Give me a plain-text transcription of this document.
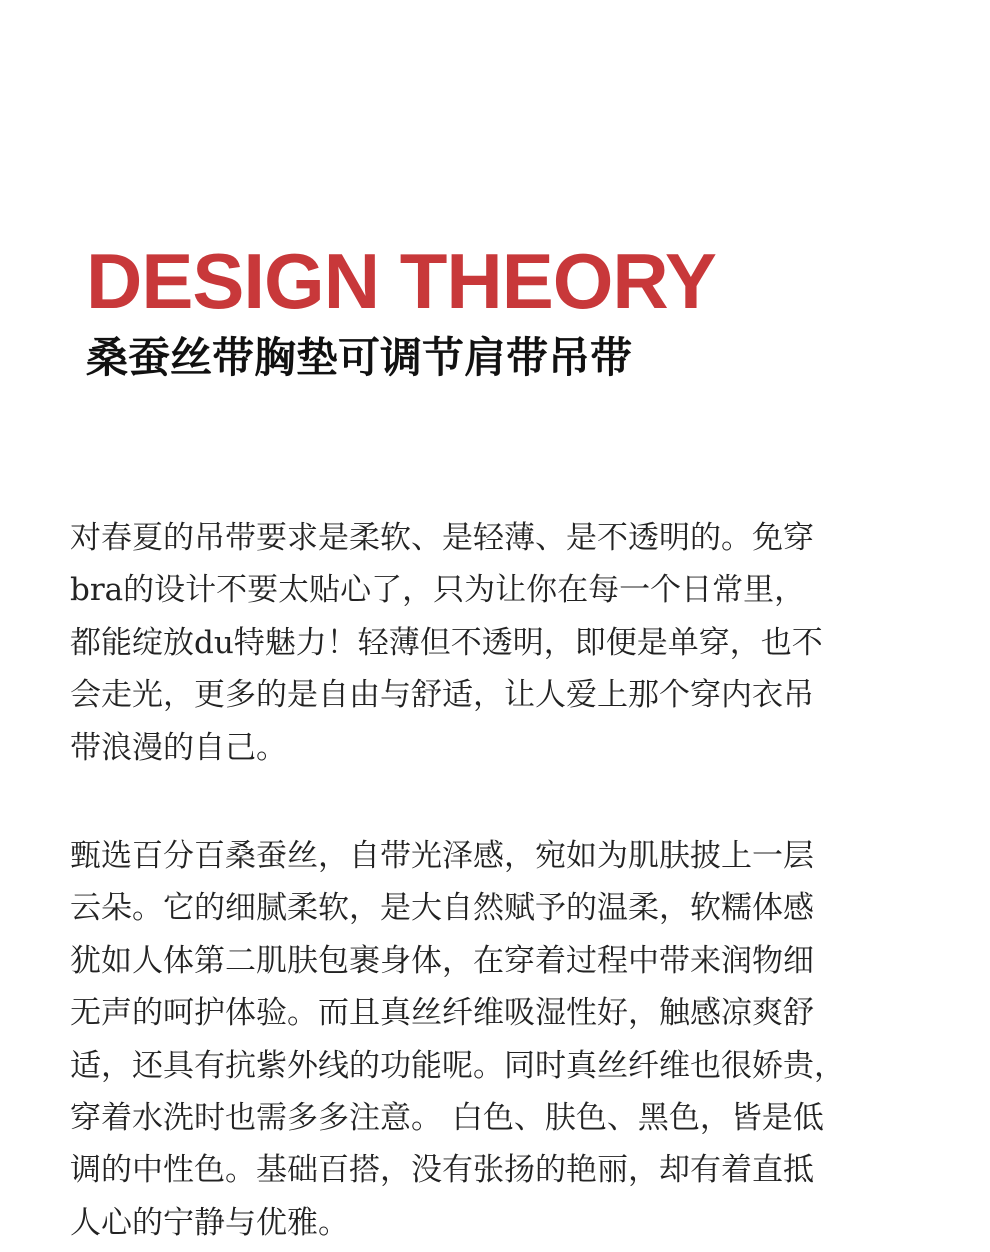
DESIGN THEORY
桑蚕丝带胸垫可调节肩带吊带

对春夏的吊带要求是柔软、是轻薄、是不透明的。免穿
bra的设计不要太贴心了，只为让你在每一个日常里，
都能绽放du特魅力！轻薄但不透明，即便是单穿，也不
会走光，更多的是自由与舒适，让人爱上那个穿内衣吊
带浪漫的自己。

甄选百分百桑蚕丝，自带光泽感，宛如为肌肤披上一层
云朵。它的细腻柔软，是大自然赋予的温柔，软糯体感
犹如人体第二肌肤包裹身体，在穿着过程中带来润物细
无声的呵护体验。而且真丝纤维吸湿性好，触感凉爽舒
适，还具有抗紫外线的功能呢。同时真丝纤维也很娇贵，
穿着水洗时也需多多注意。 白色、肤色、黑色，皆是低
调的中性色。基础百搭，没有张扬的艳丽，却有着直抵
人心的宁静与优雅。
